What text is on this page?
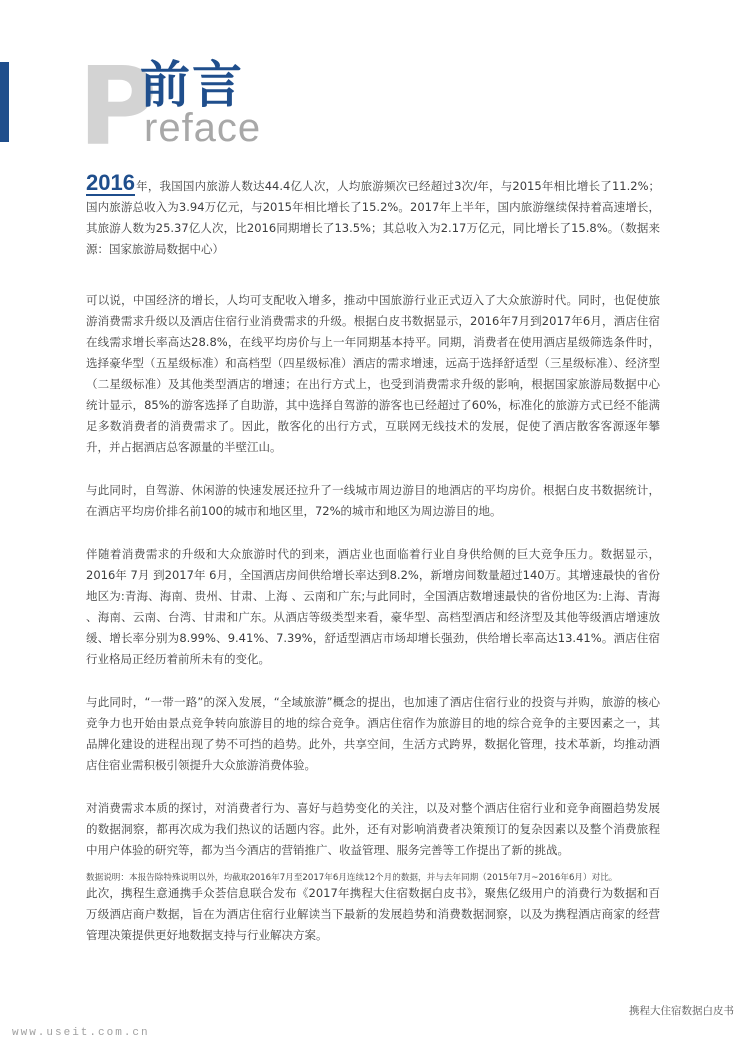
P
前言
reface

2016年，我国国内旅游人数达44.4亿人次，人均旅游频次已经超过3次/年，与2015年相比增长了11.2%； 国内旅游总收入为3.94万亿元，与2015年相比增长了15.2%。2017年上半年，国内旅游继续保持着高速增长，其旅游人数为25.37亿人次，比2016同期增长了13.5%；其总收入为2.17万亿元，同比增长了15.8%。（数据来源：国家旅游局数据中心）

可以说，中国经济的增长，人均可支配收入增多，推动中国旅游行业正式迈入了大众旅游时代。同时，也促使旅游消费需求升级以及酒店住宿行业消费需求的升级。根据白皮书数据显示，2016年7月到2017年6月，酒店住宿在线需求增长率高达28.8%，在线平均房价与上一年同期基本持平。同期，消费者在使用酒店星级筛选条件时，选择豪华型（五星级标准）和高档型（四星级标准）酒店的需求增速，远高于选择舒适型（三星级标准）、经济型（二星级标准）及其他类型酒店的增速；在出行方式上，也受到消费需求升级的影响，根据国家旅游局数据中心统计显示，85%的游客选择了自助游，其中选择自驾游的游客也已经超过了60%，标准化的旅游方式已经不能满足多数消费者的消费需求了。因此，散客化的出行方式，互联网无线技术的发展，促使了酒店散客客源逐年攀升，并占据酒店总客源量的半壁江山。

与此同时，自驾游、休闲游的快速发展还拉升了一线城市周边游目的地酒店的平均房价。根据白皮书数据统计，在酒店平均房价排名前100的城市和地区里，72%的城市和地区为周边游目的地。

伴随着消费需求的升级和大众旅游时代的到来，酒店业也面临着行业自身供给侧的巨大竞争压力。数据显示，2016年 7月 到2017年 6月，全国酒店房间供给增长率达到8.2%，新增房间数量超过140万。其增速最快的省份地区为:青海、海南、贵州、甘肃、上海 、云南和广东;与此同时，全国酒店数增速最快的省份地区为:上海、青海 、海南、云南、台湾、甘肃和广东。从酒店等级类型来看，豪华型、高档型酒店和经济型及其他等级酒店增速放缓、增长率分别为8.99%、9.41%、7.39%，舒适型酒店市场却增长强劲，供给增长率高达13.41%。酒店住宿行业格局正经历着前所未有的变化。

与此同时，“一带一路”的深入发展，“全域旅游”概念的提出，也加速了酒店住宿行业的投资与并购，旅游的核心竞争力也开始由景点竞争转向旅游目的地的综合竞争。酒店住宿作为旅游目的地的综合竞争的主要因素之一，其品牌化建设的进程出现了势不可挡的趋势。此外，共享空间，生活方式跨界，数据化管理，技术革新，均推动酒店住宿业需积极引领提升大众旅游消费体验。

对消费需求本质的探讨，对消费者行为、喜好与趋势变化的关注，以及对整个酒店住宿行业和竞争商圈趋势发展的数据洞察，都再次成为我们热议的话题内容。此外，还有对影响消费者决策预订的复杂因素以及整个消费旅程中用户体验的研究等，都为当今酒店的营销推广、收益管理、服务完善等工作提出了新的挑战。

此次，携程生意通携手众荟信息联合发布《2017年携程大住宿数据白皮书》，聚焦亿级用户的消费行为数据和百万级酒店商户数据，旨在为酒店住宿行业解读当下最新的发展趋势和消费数据洞察，以及为携程酒店商家的经营管理决策提供更好地数据支持与行业解决方案。

数据说明：本报告除特殊说明以外，均截取2016年7月至2017年6月连续12个月的数据，并与去年同期（2015年7月~2016年6月）对比。
携程大住宿数据白皮书
www.useit.com.cn
